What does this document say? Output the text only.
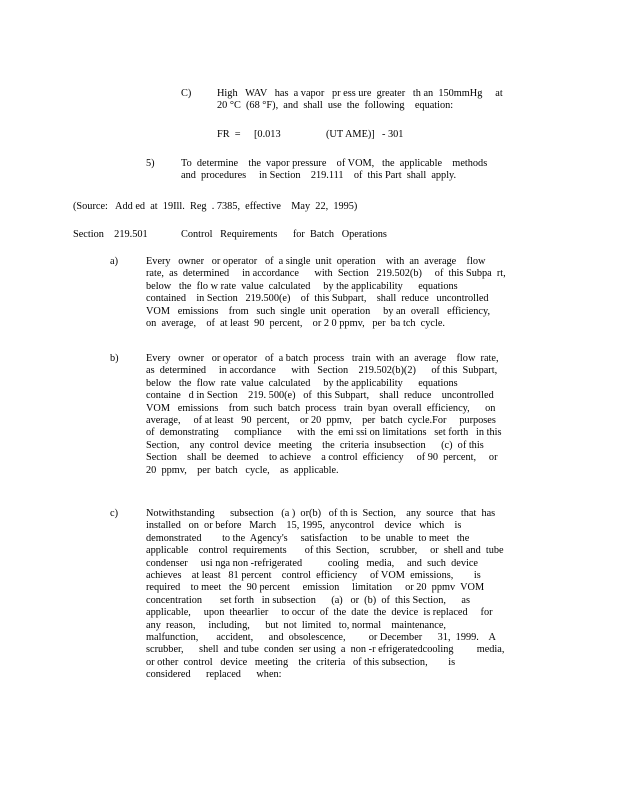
C) High   WAV   has  a vapor   pr ess ure  greater   th an  150mmHg     at
20 °C  (68 °F),  and  shall  use  the  following    equation:
FR  = [0.013	(UT AME)] - 301
5)	To  determine    the  vapor pressure    of VOM,   the  applicable    methods
and  procedures     in Section    219.111    of  this Part  shall  apply.
(Source:   Add ed  at  19Ill.  Reg  . 7385,  effective    May  22,  1995)
Section    219.501	Control   Requirements      for  Batch   Operations
a)	Every   owner   or operator   of  a single  unit  operation    with  an  average    flow
rate,  as  determined     in accordance      with  Section   219.502(b)     of  this Subpa  rt,
below   the  flo w rate  value  calculated     by the applicability      equations
contained    in Section   219.500(e)    of  this Subpart,    shall  reduce   uncontrolled
VOM   emissions    from   such  single  unit  operation     by an  overall   efficiency,
on  average,    of  at least  90  percent,    or 2 0 ppmv,   per  ba tch  cycle.
b)	Every   owner   or operator   of  a batch  process   train  with  an  average    flow  rate,
as  determined     in accordance      with   Section    219.502(b)(2)      of this  Subpart,
below   the  flow  rate  value  calculated     by the applicability      equations
containe   d in Section    219. 500(e)   of  this Subpart,    shall  reduce    uncontrolled
VOM   emissions    from  such  batch  process   train  byan  overall  efficiency,      on
average,     of at least   90  percent,    or 20  ppmv,    per  batch  cycle.For     purposes
of  demonstrating      compliance      with  the  emi ssi on limitations   set forth   in this
Section,    any  control  device   meeting    the  criteria  insubsection      (c)  of this
Section    shall  be  deemed    to achieve    a control  efficiency     of 90  percent,     or
20  ppmv,    per  batch   cycle,    as  applicable.
c)	Notwithstanding      subsection   (a )  or(b)   of th is  Section,    any  source   that  has
installed   on  or before   March    15, 1995,  anycontrol    device   which    is
demonstrated        to the  Agency's     satisfaction     to be  unable  to meet   the
applicable    control  requirements       of this  Section,    scrubber,     or  shell and  tube
condenser     usi nga non -refrigerated          cooling   media,     and  such  device
achieves    at least   81 percent    control  efficiency     of VOM  emissions,        is
required    to meet   the  90 percent     emission     limitation     or 20  ppmv  VOM
concentration       set forth   in subsection      (a)   or  (b)  of  this Section,      as
applicable,     upon  theearlier     to occur  of  the  date  the  device  is replaced     for
any  reason,     including,      but  not  limited   to, normal    maintenance,
malfunction,       accident,      and  obsolescence,         or December      31,  1999.    A
scrubber,      shell  and tube  conden  ser using  a  non -r efrigeratedcooling         media,
or other  control   device   meeting    the  criteria   of this subsection,        is
considered      replaced      when:
